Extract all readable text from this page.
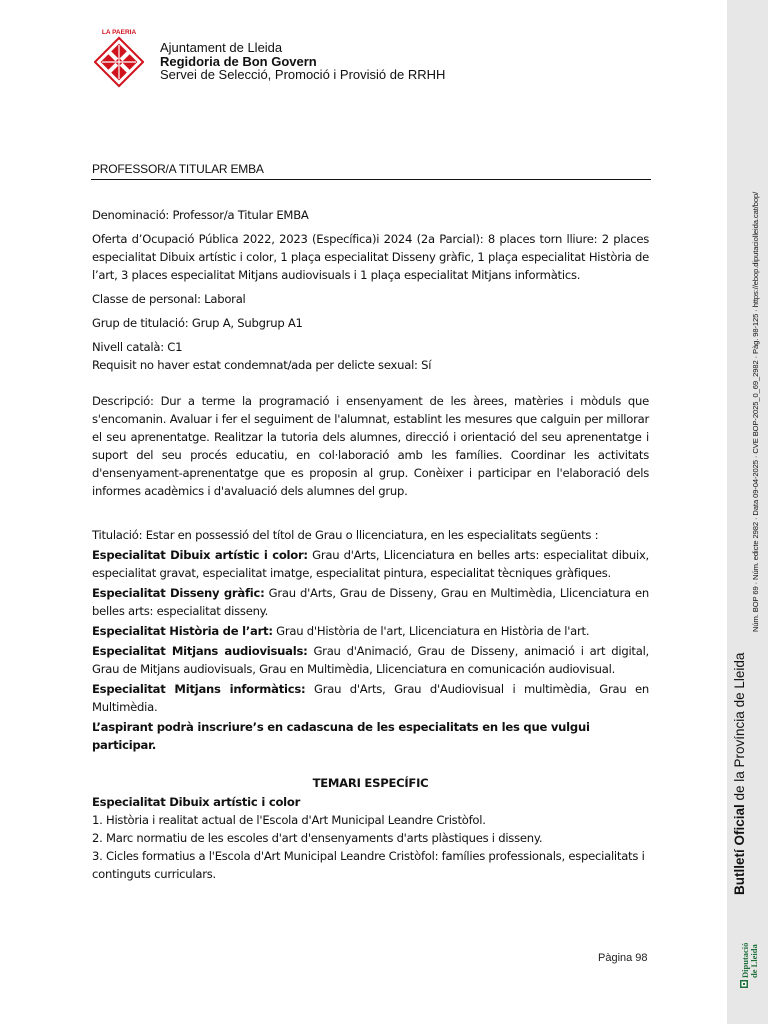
LA PAERIA
Ajuntament de Lleida
Regidoria de Bon Govern
Servei de Selecció, Promoció i Provisió de RRHH
PROFESSOR/A TITULAR EMBA

Denominació: Professor/a Titular EMBA

Oferta d’Ocupació Pública 2022, 2023 (Específica)i 2024 (2a Parcial): 8 places torn lliure: 2 places especialitat Dibuix artístic i color, 1 plaça especialitat Disseny gràfic, 1 plaça especialitat Història de l’art, 3 places especialitat Mitjans audiovisuals i 1 plaça especialitat Mitjans informàtics.

Classe de personal: Laboral

Grup de titulació: Grup A, Subgrup A1

Nivell català: C1

Requisit no haver estat condemnat/ada per delicte sexual: Sí

Descripció: Dur a terme la programació i ensenyament de les àrees, matèries i mòduls que s'encomanin. Avaluar i fer el seguiment de l'alumnat, establint les mesures que calguin per millorar el seu aprenentatge. Realitzar la tutoria dels alumnes, direcció i orientació del seu aprenentatge i suport del seu procés educatiu, en col·laboració amb les famílies. Coordinar les activitats d'ensenyament-aprenentatge que es proposin al grup. Conèixer i participar en l'elaboració dels informes acadèmics i d'avaluació dels alumnes del grup.

Titulació: Estar en possessió del títol de Grau o llicenciatura, en les especialitats següents :

Especialitat Dibuix artístic i color: Grau d'Arts, Llicenciatura en belles arts: especialitat dibuix, especialitat gravat, especialitat imatge, especialitat pintura, especialitat tècniques gràfiques.

Especialitat Disseny gràfic: Grau d'Arts, Grau de Disseny, Grau en Multimèdia, Llicenciatura en belles arts: especialitat disseny.

Especialitat Història de l’art: Grau d'Història de l'art, Llicenciatura en Història de l'art.

Especialitat Mitjans audiovisuals: Grau d'Animació, Grau de Disseny, animació i art digital, Grau de Mitjans audiovisuals, Grau en Multimèdia, Llicenciatura en comunicación audiovisual.

Especialitat Mitjans informàtics: Grau d'Arts, Grau d'Audiovisual i multimèdia, Grau en Multimèdia.

L’aspirant podrà inscriure’s en cadascuna de les especialitats en les que vulgui participar.

TEMARI ESPECÍFIC

Especialitat Dibuix artístic i color

1. Història i realitat actual de l'Escola d'Art Municipal Leandre Cristòfol.

2. Marc normatiu de les escoles d'art d'ensenyaments d'arts plàstiques i disseny.

3. Cicles formatius a l'Escola d'Art Municipal Leandre Cristòfol: famílies professionals, especialitats i continguts curriculars.

Pàgina 98
Butlletí Oficial de la Província de Lleida
Núm. BOP 69 · Núm. edicte 2982 · Data 09-04-2025 · CVE BOP-2025_0_69_2982 · Pàg. 98-125 · https://ebop.diputaciolleida.cat/bop/
Diputació de Lleida
